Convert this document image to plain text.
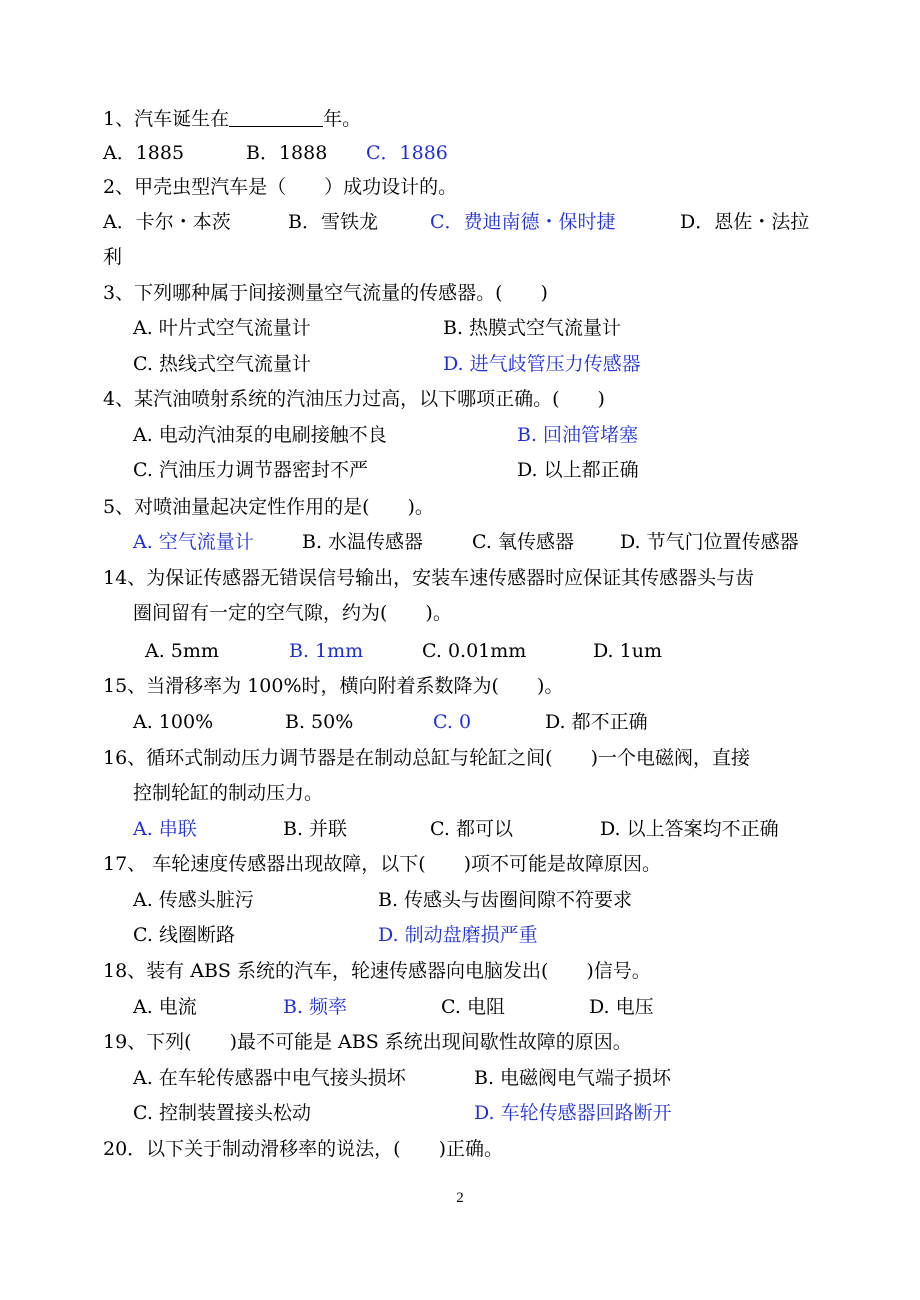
1、汽车诞生在	年。
A．1885	B．1888 C．1886
2、甲壳虫型汽车是（　　）成功设计的。
A．卡尔・本茨	B．雪铁龙	C．费迪南德・保时捷	D．恩佐・法拉
利
3、下列哪种属于间接测量空气流量的传感器。(　　)
A. 叶片式空气流量计	B. 热膜式空气流量计
C. 热线式空气流量计	D. 进气歧管压力传感器
4、某汽油喷射系统的汽油压力过高，以下哪项正确。(　　)
A. 电动汽油泵的电刷接触不良	B. 回油管堵塞
C. 汽油压力调节器密封不严	D. 以上都正确
5、对喷油量起决定性作用的是(　　)。
A. 空气流量计	B. 水温传感器	C. 氧传感器 D. 节气门位置传感器
14、为保证传感器无错误信号输出，安装车速传感器时应保证其传感器头与齿
圈间留有一定的空气隙，约为(　　)。
A. 5mm	B. 1mm	C. 0.01mm	D. 1um
15、当滑移率为 100%时，横向附着系数降为(　　)。
A. 100%	B. 50%	C. 0	D. 都不正确
16、循环式制动压力调节器是在制动总缸与轮缸之间(　　)一个电磁阀，直接
控制轮缸的制动压力。
A. 串联	B. 并联	C. 都可以	D. 以上答案均不正确
17、 车轮速度传感器出现故障，以下(　　)项不可能是故障原因。
A. 传感头脏污	B. 传感头与齿圈间隙不符要求
C. 线圈断路	D. 制动盘磨损严重
18、装有 ABS 系统的汽车，轮速传感器向电脑发出(　　)信号。
A. 电流	B. 频率	C. 电阻	D. 电压
19、下列(　　)最不可能是 ABS 系统出现间歇性故障的原因。
A. 在车轮传感器中电气接头损坏	B. 电磁阀电气端子损坏
C. 控制装置接头松动	D. 车轮传感器回路断开
20．以下关于制动滑移率的说法，(　　)正确。
2
